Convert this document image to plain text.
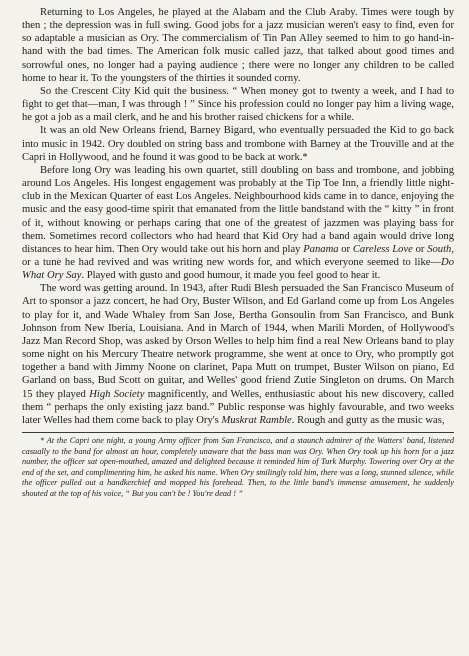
Returning to Los Angeles, he played at the Alabam and the Club Araby. Times were tough by then ; the depression was in full swing. Good jobs for a jazz musician weren't easy to find, even for so adaptable a musician as Ory. The commercialism of Tin Pan Alley seemed to him to go hand-in-hand with the bad times. The American folk music called jazz, that talked about good times and sorrowful ones, no longer had a paying audience ; there were no longer any children to be called home to hear it. To the youngsters of the thirties it sounded corny.

So the Crescent City Kid quit the business. “ When money got to twenty a week, and I had to fight to get that—man, I was through ! ” Since his profession could no longer pay him a living wage, he got a job as a mail clerk, and he and his brother raised chickens for a while.

It was an old New Orleans friend, Barney Bigard, who eventually persuaded the Kid to go back into music in 1942. Ory doubled on string bass and trombone with Barney at the Trouville and at the Capri in Hollywood, and he found it was good to be back at work.*

Before long Ory was leading his own quartet, still doubling on bass and trombone, and jobbing around Los Angeles. His longest engagement was probably at the Tip Toe Inn, a friendly little night-club in the Mexican Quarter of east Los Angeles. Neighbourhood kids came in to dance, enjoying the music and the easy good-time spirit that emanated from the little bandstand with the “ kitty ” in front of it, without knowing or perhaps caring that one of the greatest of jazzmen was playing bass for them. Sometimes record collectors who had heard that Kid Ory had a band again would drive long distances to hear him. Then Ory would take out his horn and play Panama or Careless Love or South, or a tune he had revived and was writing new words for, and which everyone seemed to like—Do What Ory Say. Played with gusto and good humour, it made you feel good to hear it.

The word was getting around. In 1943, after Rudi Blesh persuaded the San Francisco Museum of Art to sponsor a jazz concert, he had Ory, Buster Wilson, and Ed Garland come up from Los Angeles to play for it, and Wade Whaley from San Jose, Bertha Gonsoulin from San Francisco, and Bunk Johnson from New Iberia, Louisiana. And in March of 1944, when Marili Morden, of Hollywood's Jazz Man Record Shop, was asked by Orson Welles to help him find a real New Orleans band to play some night on his Mercury Theatre network programme, she went at once to Ory, who promptly got together a band with Jimmy Noone on clarinet, Papa Mutt on trumpet, Buster Wilson on piano, Ed Garland on bass, Bud Scott on guitar, and Welles' good friend Zutie Singleton on drums. On March 15 they played High Society magnificently, and Welles, enthusiastic about his new discovery, called them “ perhaps the only existing jazz band.” Public response was highly favourable, and two weeks later Welles had them come back to play Ory's Muskrat Ramble. Rough and gutty as the music was,

* At the Capri one night, a young Army officer from San Francisco, and a staunch admirer of the Watters' band, listened casually to the band for almost an hour, completely unaware that the bass man was Ory. When Ory took up his horn for a jazz number, the officer sat open-mouthed, amazed and delighted because it reminded him of Turk Murphy. Towering over Ory at the end of the set, and complimenting him, he asked his name. When Ory smilingly told him, there was a long, stunned silence, while the officer pulled out a handkerchief and mopped his forehead. Then, to the little band's immense amusement, he suddenly shouted at the top of his voice, “ But you can't be ! You're dead ! ”
